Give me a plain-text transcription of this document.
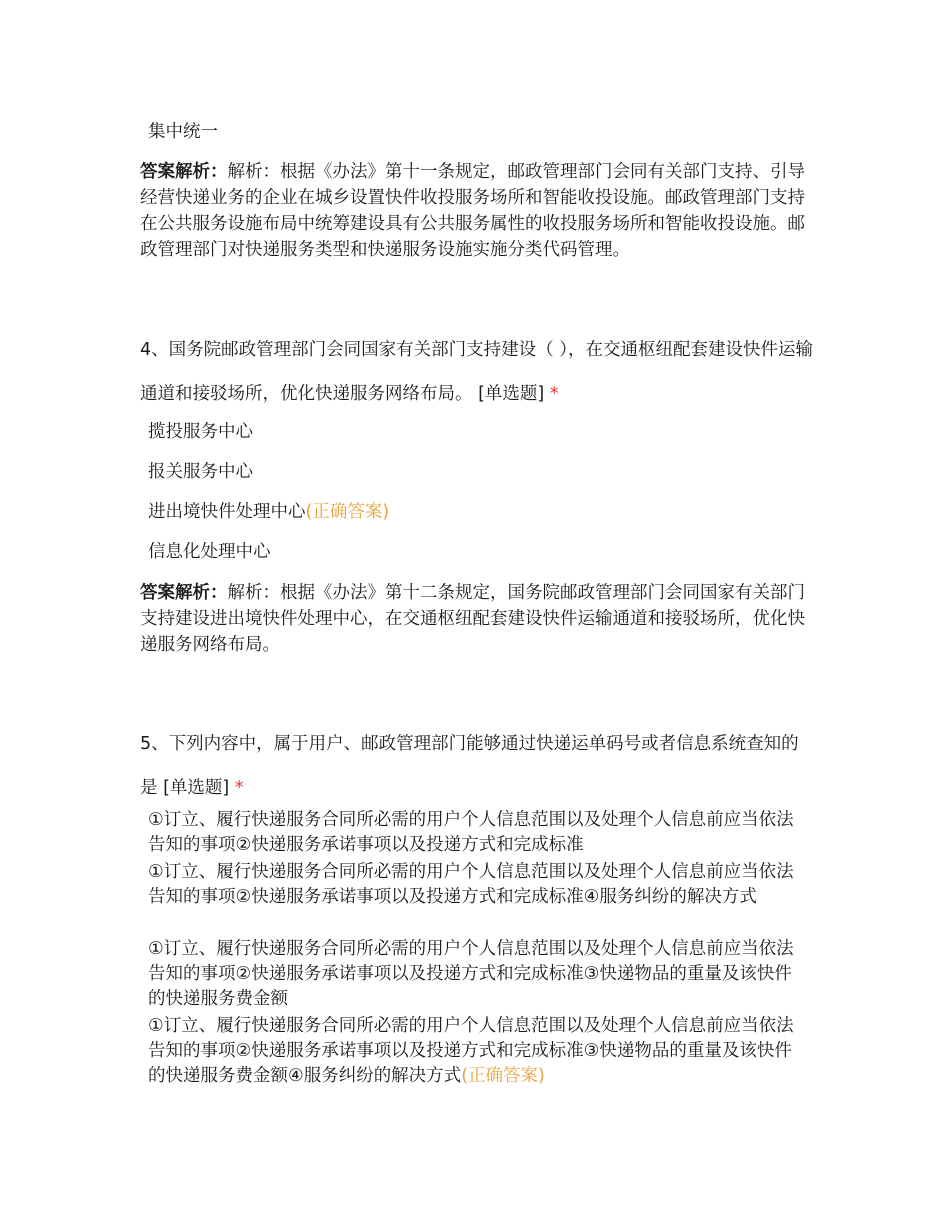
集中统一
答案解析：解析：根据《办法》第十一条规定，邮政管理部门会同有关部门支持、引导经营快递业务的企业在城乡设置快件收投服务场所和智能收投设施。邮政管理部门支持在公共服务设施布局中统筹建设具有公共服务属性的收投服务场所和智能收投设施。邮政管理部门对快递服务类型和快递服务设施实施分类代码管理。
4、国务院邮政管理部门会同国家有关部门支持建设（ ），在交通枢纽配套建设快件运输通道和接驳场所，优化快递服务网络布局。 [单选题] *
揽投服务中心
报关服务中心
进出境快件处理中心(正确答案)
信息化处理中心
答案解析：解析：根据《办法》第十二条规定，国务院邮政管理部门会同国家有关部门支持建设进出境快件处理中心，在交通枢纽配套建设快件运输通道和接驳场所，优化快递服务网络布局。
5、下列内容中，属于用户、邮政管理部门能够通过快递运单码号或者信息系统查知的是 [单选题] *
①订立、履行快递服务合同所必需的用户个人信息范围以及处理个人信息前应当依法告知的事项②快递服务承诺事项以及投递方式和完成标准
①订立、履行快递服务合同所必需的用户个人信息范围以及处理个人信息前应当依法告知的事项②快递服务承诺事项以及投递方式和完成标准④服务纠纷的解决方式
①订立、履行快递服务合同所必需的用户个人信息范围以及处理个人信息前应当依法告知的事项②快递服务承诺事项以及投递方式和完成标准③快递物品的重量及该快件的快递服务费金额
①订立、履行快递服务合同所必需的用户个人信息范围以及处理个人信息前应当依法告知的事项②快递服务承诺事项以及投递方式和完成标准③快递物品的重量及该快件的快递服务费金额④服务纠纷的解决方式(正确答案)
